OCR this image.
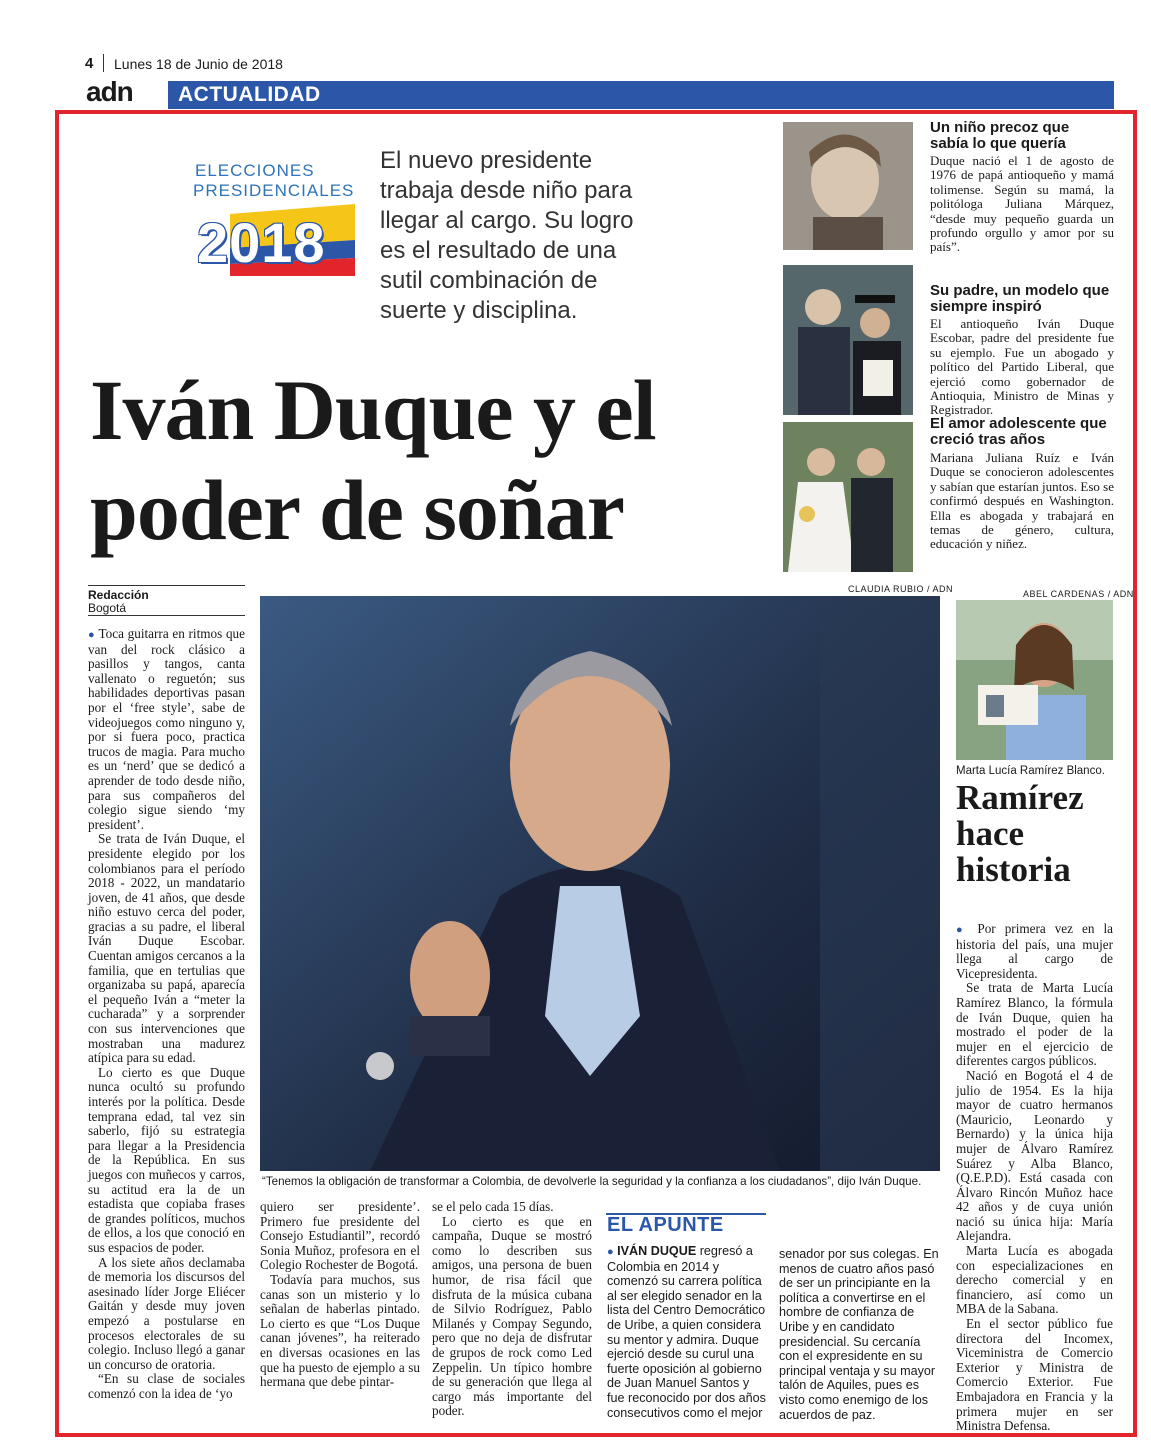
4 Lunes 18 de Junio de 2018
adn ACTUALIDAD
ELECCIONES
PRESIDENCIALES
2018
El nuevo presidente trabaja desde niño para llegar al cargo. Su logro es el resultado de una sutil combinación de suerte y disciplina.
Iván Duque y el poder de soñar
Un niño precoz que sabía lo que quería
Duque nació el 1 de agosto de 1976 de papá antioqueño y mamá tolimense. Según su mamá, la politóloga Juliana Márquez, “desde muy pequeño guarda un profundo orgullo y amor por su país”.
Su padre, un modelo que siempre inspiró
El antioqueño Iván Duque Escobar, padre del presidente fue su ejemplo. Fue un abogado y político del Partido Liberal, que ejerció como gobernador de Antioquia, Ministro de Minas y Registrador.
El amor adolescente que creció tras años
Mariana Juliana Ruíz e Iván Duque se conocieron adolescentes y sabían que estarían juntos. Eso se confirmó después en Washington. Ella es abogada y trabajará en temas de género, cultura, educación y niñez.
Redacción
Bogotá

● Toca guitarra en ritmos que van del rock clásico a pasillos y tangos, canta vallenato o reguetón; sus habilidades deportivas pasan por el ‘free style’, sabe de videojuegos como ninguno y, por si fuera poco, practica trucos de magia. Para mucho es un ‘nerd’ que se dedicó a aprender de todo desde niño, para sus compañeros del colegio sigue siendo ‘my president’.

Se trata de Iván Duque, el presidente elegido por los colombianos para el período 2018 - 2022, un mandatario joven, de 41 años, que desde niño estuvo cerca del poder, gracias a su padre, el liberal Iván Duque Escobar. Cuentan amigos cercanos a la familia, que en tertulias que organizaba su papá, aparecía el pequeño Iván a “meter la cucharada” y a sorprender con sus intervenciones que mostraban una madurez atípica para su edad.

Lo cierto es que Duque nunca ocultó su profundo interés por la política. Desde temprana edad, tal vez sin saberlo, fijó su estrategia para llegar a la Presidencia de la República. En sus juegos con muñecos y carros, su actitud era la de un estadista que copiaba frases de grandes políticos, muchos de ellos, a los que conoció en sus espacios de poder.

A los siete años declamaba de memoria los discursos del asesinado líder Jorge Eliécer Gaitán y desde muy joven empezó a postularse en procesos electorales de su colegio. Incluso llegó a ganar un concurso de oratoria.

“En su clase de sociales comenzó con la idea de ‘yo

quiero ser presidente’. Primero fue presidente del Consejo Estudiantil”, recordó Sonia Muñoz, profesora en el Colegio Rochester de Bogotá.

Todavía para muchos, sus canas son un misterio y lo señalan de haberlas pintado. Lo cierto es que “Los Duque canan jóvenes”, ha reiterado en diversas ocasiones en las que ha puesto de ejemplo a su hermana que debe pintar-

se el pelo cada 15 días.

Lo cierto es que en campaña, Duque se mostró como lo describen sus amigos, una persona de buen humor, de risa fácil que disfruta de la música cubana de Silvio Rodríguez, Pablo Milanés y Compay Segundo, pero que no deja de disfrutar de grupos de rock como Led Zeppelin. Un típico hombre de su generación que llega al cargo más importante del poder.

CLAUDIA RUBIO / ADN
“Tenemos la obligación de transformar a Colombia, de devolverle la seguridad y la confianza a los ciudadanos”, dijo Iván Duque.
EL APUNTE
● IVÁN DUQUE regresó a Colombia en 2014 y comenzó su carrera política al ser elegido senador en la lista del Centro Democrático de Uribe, a quien considera su mentor y admira. Duque ejerció desde su curul una fuerte oposición al gobierno de Juan Manuel Santos y fue reconocido por dos años consecutivos como el mejor
senador por sus colegas. En menos de cuatro años pasó de ser un principiante en la política a convertirse en el hombre de confianza de Uribe y en candidato presidencial. Su cercanía con el expresidente en su principal ventaja y su mayor talón de Aquiles, pues es visto como enemigo de los acuerdos de paz.
ABEL CARDENAS / ADN
Marta Lucía Ramírez Blanco.
Ramírez hace historia

● Por primera vez en la historia del país, una mujer llega al cargo de Vicepresidenta.

Se trata de Marta Lucía Ramírez Blanco, la fórmula de Iván Duque, quien ha mostrado el poder de la mujer en el ejercicio de diferentes cargos públicos.

Nació en Bogotá el 4 de julio de 1954. Es la hija mayor de cuatro hermanos (Mauricio, Leonardo y Bernardo) y la única hija mujer de Álvaro Ramírez Suárez y Alba Blanco, (Q.E.P.D). Está casada con Álvaro Rincón Muñoz hace 42 años y de cuya unión nació su única hija: María Alejandra.

Marta Lucía es abogada con especializaciones en derecho comercial y en financiero, así como un MBA de la Sabana.

En el sector público fue directora del Incomex, Viceministra de Comercio Exterior y Ministra de Comercio Exterior. Fue Embajadora en Francia y la primera mujer en ser Ministra Defensa.
